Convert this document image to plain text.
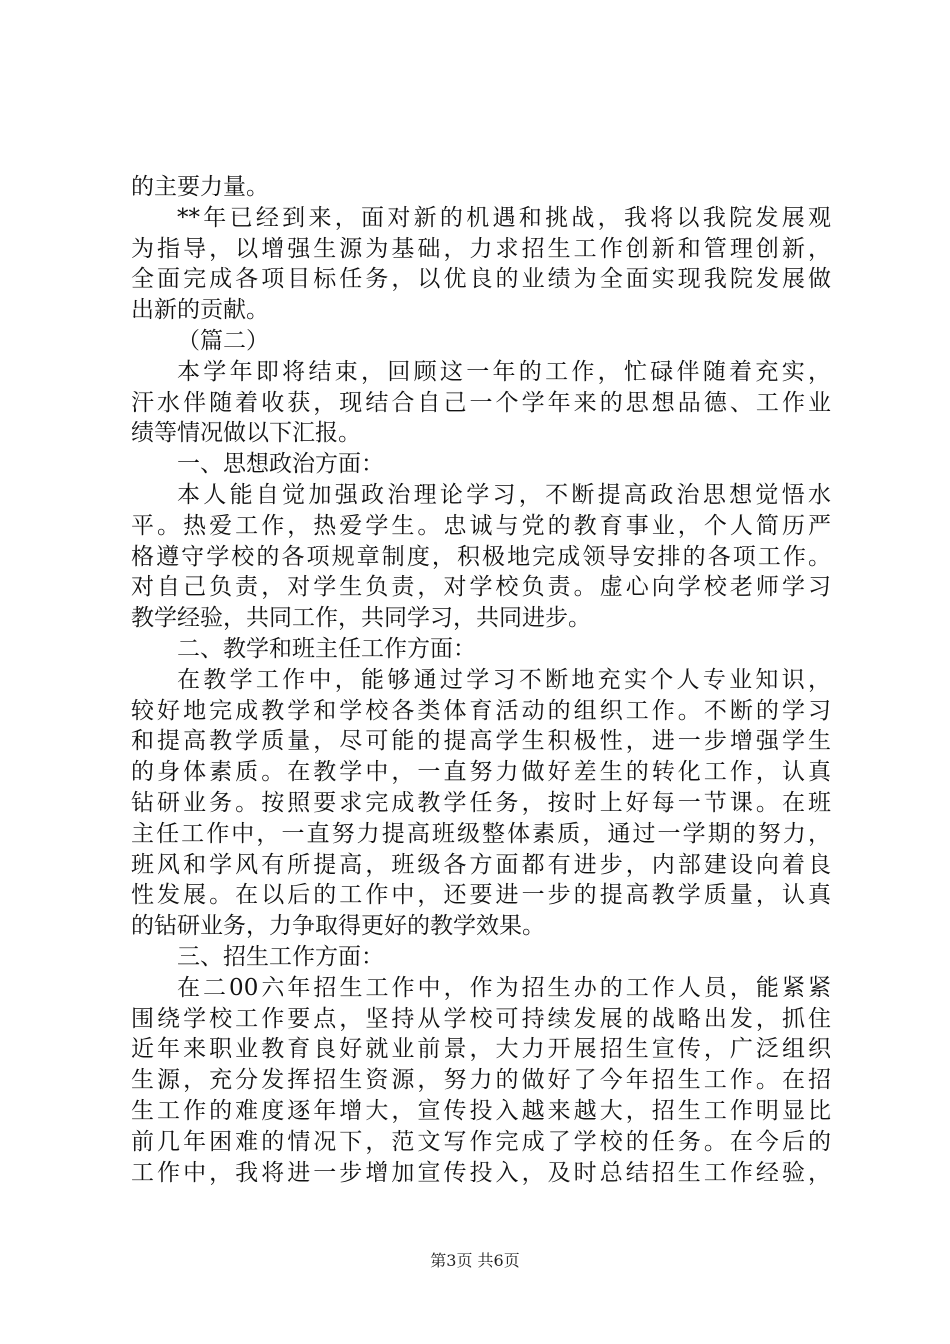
的主要力量。
**年已经到来，面对新的机遇和挑战，我将以我院发展观
为指导，以增强生源为基础，力求招生工作创新和管理创新，
全面完成各项目标任务，以优良的业绩为全面实现我院发展做
出新的贡献。
（篇二）
本学年即将结束，回顾这一年的工作，忙碌伴随着充实，
汗水伴随着收获，现结合自己一个学年来的思想品德、工作业
绩等情况做以下汇报。
一、思想政治方面：
本人能自觉加强政治理论学习，不断提高政治思想觉悟水
平。热爱工作，热爱学生。忠诚与党的教育事业，个人简历严
格遵守学校的各项规章制度，积极地完成领导安排的各项工作。
对自己负责，对学生负责，对学校负责。虚心向学校老师学习
教学经验，共同工作，共同学习，共同进步。
二、教学和班主任工作方面：
在教学工作中，能够通过学习不断地充实个人专业知识，
较好地完成教学和学校各类体育活动的组织工作。不断的学习
和提高教学质量，尽可能的提高学生积极性，进一步增强学生
的身体素质。在教学中，一直努力做好差生的转化工作，认真
钻研业务。按照要求完成教学任务，按时上好每一节课。在班
主任工作中，一直努力提高班级整体素质，通过一学期的努力，
班风和学风有所提高，班级各方面都有进步，内部建设向着良
性发展。在以后的工作中，还要进一步的提高教学质量，认真
的钻研业务，力争取得更好的教学效果。
三、招生工作方面：
在二00六年招生工作中，作为招生办的工作人员，能紧紧
围绕学校工作要点，坚持从学校可持续发展的战略出发，抓住
近年来职业教育良好就业前景，大力开展招生宣传，广泛组织
生源，充分发挥招生资源，努力的做好了今年招生工作。在招
生工作的难度逐年增大，宣传投入越来越大，招生工作明显比
前几年困难的情况下，范文写作完成了学校的任务。在今后的
工作中，我将进一步增加宣传投入，及时总结招生工作经验，
第3页 共6页
